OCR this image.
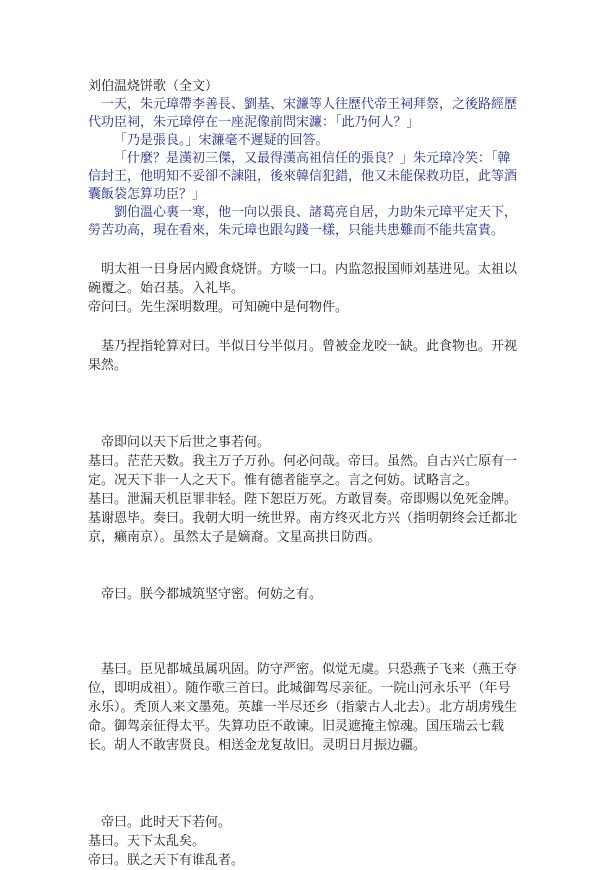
刘伯温烧饼歌（全文）

一天，朱元璋帶李善長、劉基、宋濂等人往歷代帝王祠拜祭，之後路經歷代功臣祠，朱元璋停在一座泥像前問宋濂：「此乃何人？」

「乃是張良。」宋濂毫不遲疑的回答。

「什麼？是漢初三傑，又最得漢高祖信任的張良？」朱元璋冷笑：「韓信封王，他明知不妥卻不諫阻，後來韓信犯錯，他又未能保救功臣，此等酒囊飯袋怎算功臣？」

劉伯溫心裏一寒，他一向以張良、諸葛亮自居，力助朱元璋平定天下，勞苦功高，現在看來，朱元璋也跟勾踐一樣，只能共患難而不能共富貴。

明太祖一日身居内殿食烧饼。方啖一口。内监忽报国师刘基进见。太祖以碗覆之。始召基。入礼毕。

帝问曰。先生深明数理。可知碗中是何物件。

基乃捏指轮算对曰。半似日兮半似月。曾被金龙咬一缺。此食物也。开视果然。

帝即问以天下后世之事若何。

基曰。茫茫天数。我主万子万孙。何必问哉。帝曰。虽然。自古兴亡原有一定。况天下非一人之天下。惟有德者能享之。言之何妨。试略言之。

基曰。泄漏天机臣罪非轻。陛下恕臣万死。方敢冒奏。帝即赐以免死金牌。基谢恩毕。奏曰。我朝大明一统世界。南方终灭北方兴（指明朝终会迁都北京，癞南京）。虽然太子是嫡裔。文星高拱日防西。

帝曰。朕今都城筑坚守密。何妨之有。

基曰。臣见都城虽属巩固。防守严密。似觉无虞。只恐燕子飞来（燕王夺位，即明成祖）。随作歌三首曰。此城御驾尽亲征。一院山河永乐平（年号永乐）。秃顶人来文墨苑。英雄一半尽还乡（指蒙古人北去）。北方胡虏残生命。御驾亲征得太平。失算功臣不敢谏。旧灵遮掩主惊魂。国压瑞云七载长。胡人不敢害贤良。相送金龙复故旧。灵明日月振边疆。

帝曰。此时天下若何。

基曰。天下太乱矣。

帝曰。朕之天下有谁乱者。
